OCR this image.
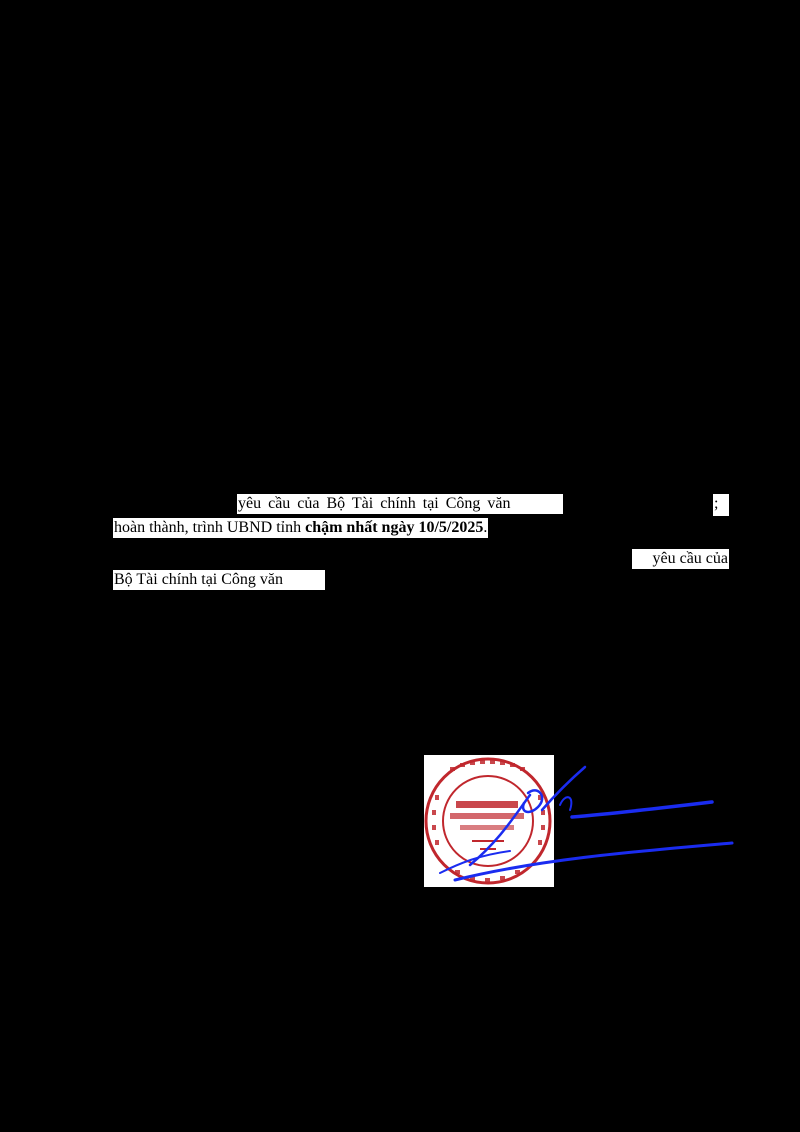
yêu cầu của Bộ Tài chính tại Công văn	;
hoàn thành, trình UBND tỉnh chậm nhất ngày 10/5/2025.
yêu cầu của
Bộ Tài chính tại Công văn
